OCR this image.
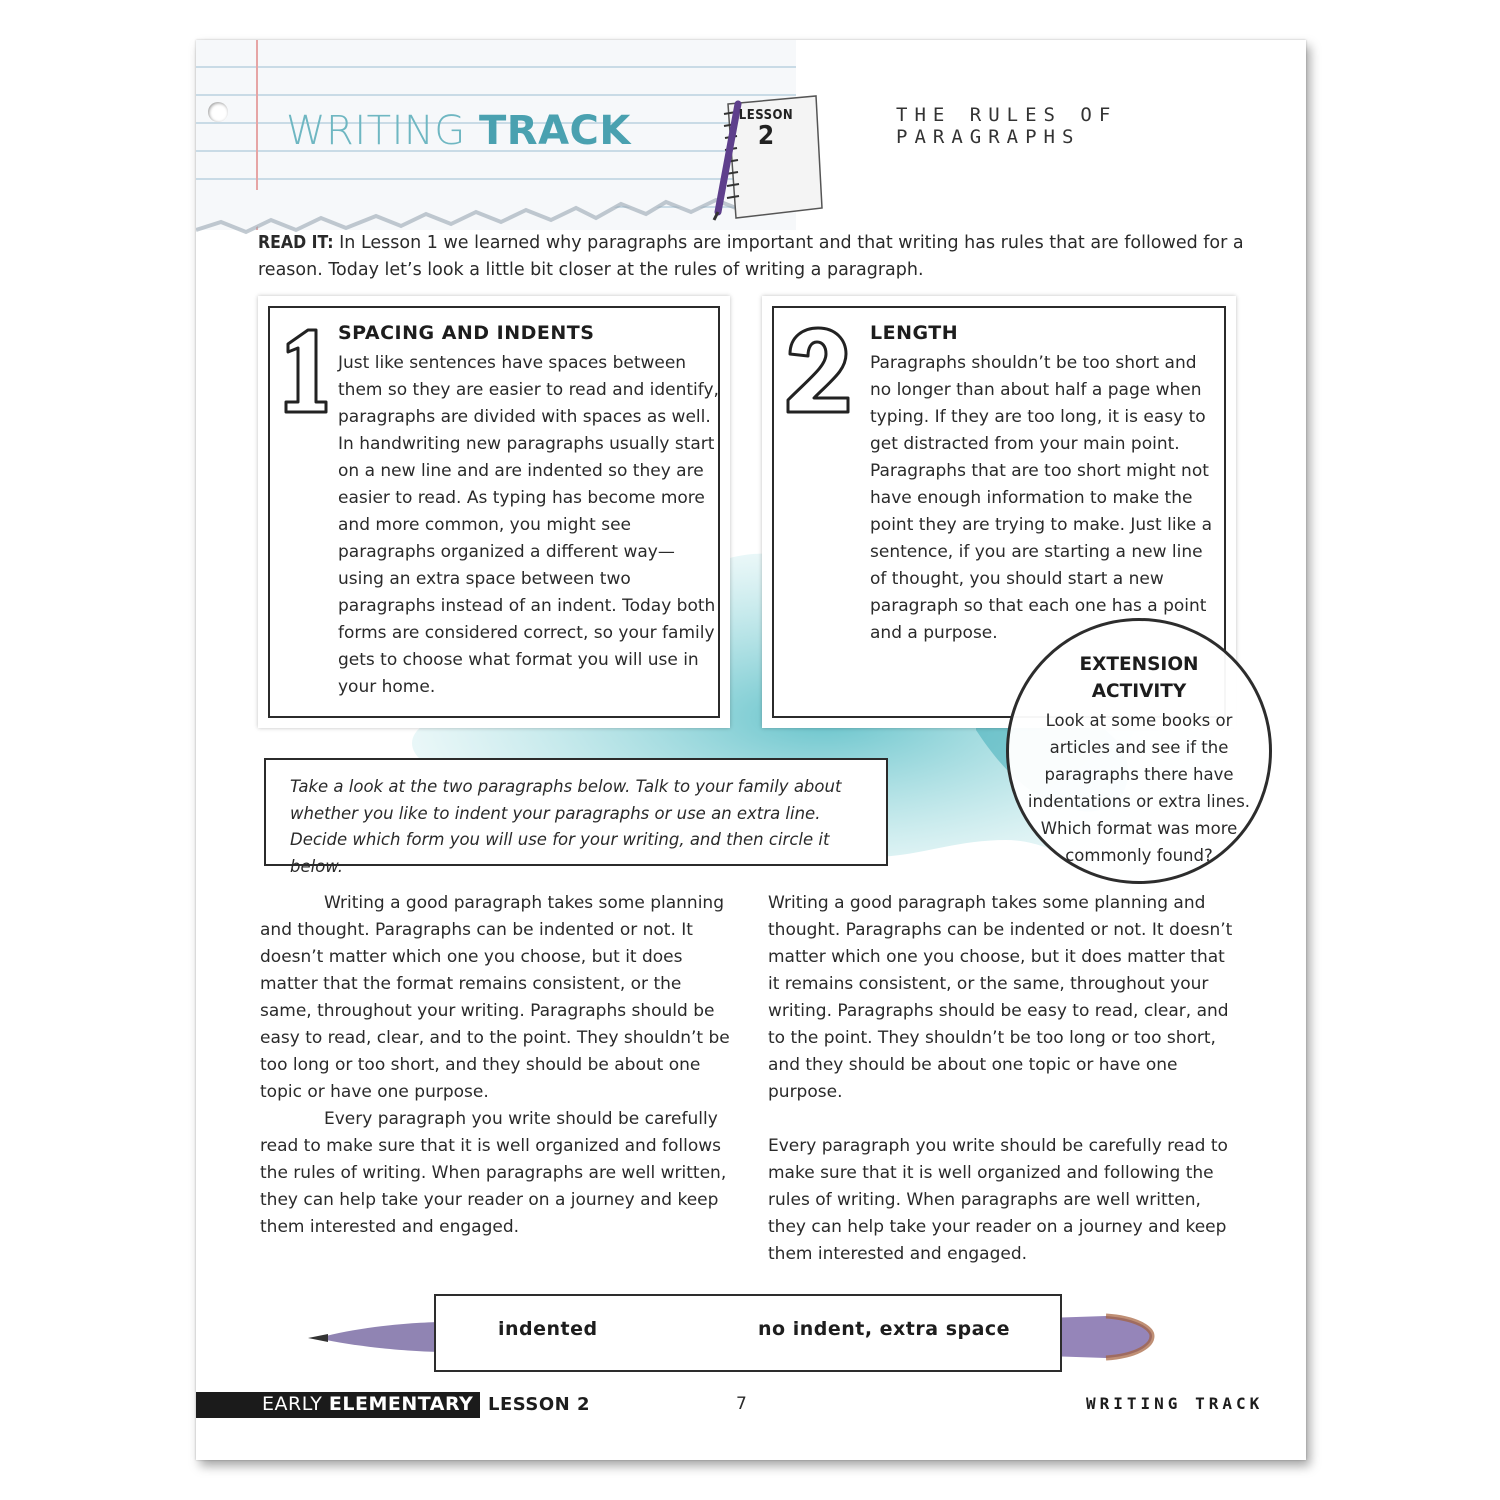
WRITING TRACK	LESSON
2
THE RULES OF PARAGRAPHS
READ IT: In Lesson 1 we learned why paragraphs are important and that writing has rules that are followed for a reason. Today let’s look a little bit closer at the rules of writing a paragraph.
SPACING AND INDENTS
Just like sentences have spaces between them so they are easier to read and identify, paragraphs are divided with spaces as well. In handwriting new paragraphs usually start on a new line and are indented so they are easier to read. As typing has become more and more common, you might see paragraphs organized a different way—using an extra space between two paragraphs instead of an indent. Today both forms are considered correct, so your family gets to choose what format you will use in your home.
LENGTH
Paragraphs shouldn’t be too short and no longer than about half a page when typing. If they are too long, it is easy to get distracted from your main point. Paragraphs that are too short might not have enough information to make the point they are trying to make. Just like a sentence, if you are starting a new line of thought, you should start a new paragraph so that each one has a point and a purpose.
EXTENSION
ACTIVITY
Look at some books or articles and see if the paragraphs there have indentations or extra lines. Which format was more commonly found?
Take a look at the two paragraphs below. Talk to your family about whether you like to indent your paragraphs or use an extra line. Decide which form you will use for your writing, and then circle it below.

Writing a good paragraph takes some planning and thought. Paragraphs can be indented or not. It doesn’t matter which one you choose, but it does matter that the format remains consistent, or the same, throughout your writing. Paragraphs should be easy to read, clear, and to the point. They shouldn’t be too long or too short, and they should be about one topic or have one purpose.

Every paragraph you write should be carefully read to make sure that it is well organized and follows the rules of writing. When paragraphs are well written, they can help take your reader on a journey and keep them interested and engaged.

Writing a good paragraph takes some planning and thought. Paragraphs can be indented or not. It doesn’t matter which one you choose, but it does matter that it remains consistent, or the same, throughout your writing. Paragraphs should be easy to read, clear, and to the point. They shouldn’t be too long or too short, and they should be about one topic or have one purpose.

Every paragraph you write should be carefully read to make sure that it is well organized and following the rules of writing. When paragraphs are well written, they can help take your reader on a journey and keep them interested and engaged.

indented	no indent, extra space
EARLY ELEMENTARY LESSON 2	7	WRITING TRACK
